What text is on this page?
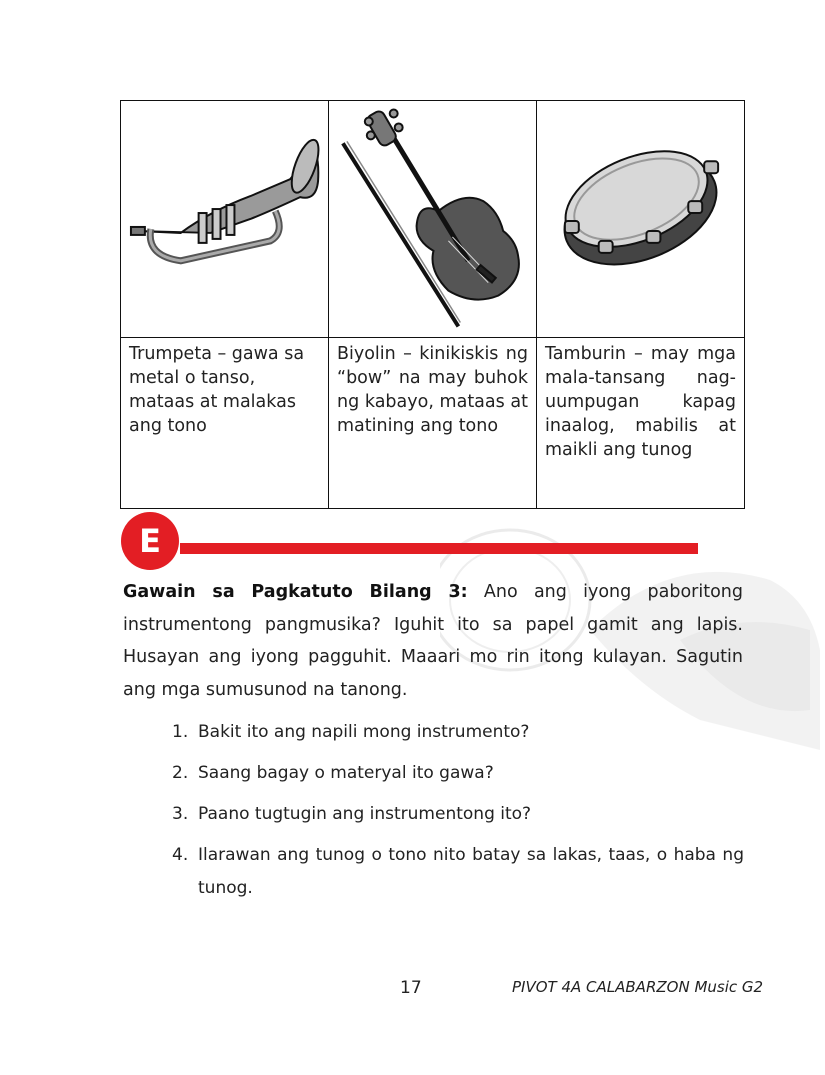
Trumpeta – gawa sa metal o tanso, mataas at malakas ang tono	Biyolin – kinikiskis ng “bow” na may buhok ng kabayo, mataas at matining ang tono	Tamburin – may mga mala-tansang nag-uumpugan kapag inaalog, mabilis at maikli ang tunog
E
Gawain sa Pagkatuto Bilang 3: Ano ang iyong paboritong instrumentong pangmusika? Iguhit ito sa papel gamit ang lapis. Husayan ang iyong pagguhit. Maaari mo rin itong kulayan. Sagutin ang mga sumusunod na tanong.
1. Bakit ito ang napili mong instrumento?
2. Saang bagay o materyal ito gawa?
3. Paano tugtugin ang instrumentong ito?
4. Ilarawan ang tunog o tono nito batay sa lakas, taas, o haba ng tunog.
17	PIVOT 4A CALABARZON Music G2
